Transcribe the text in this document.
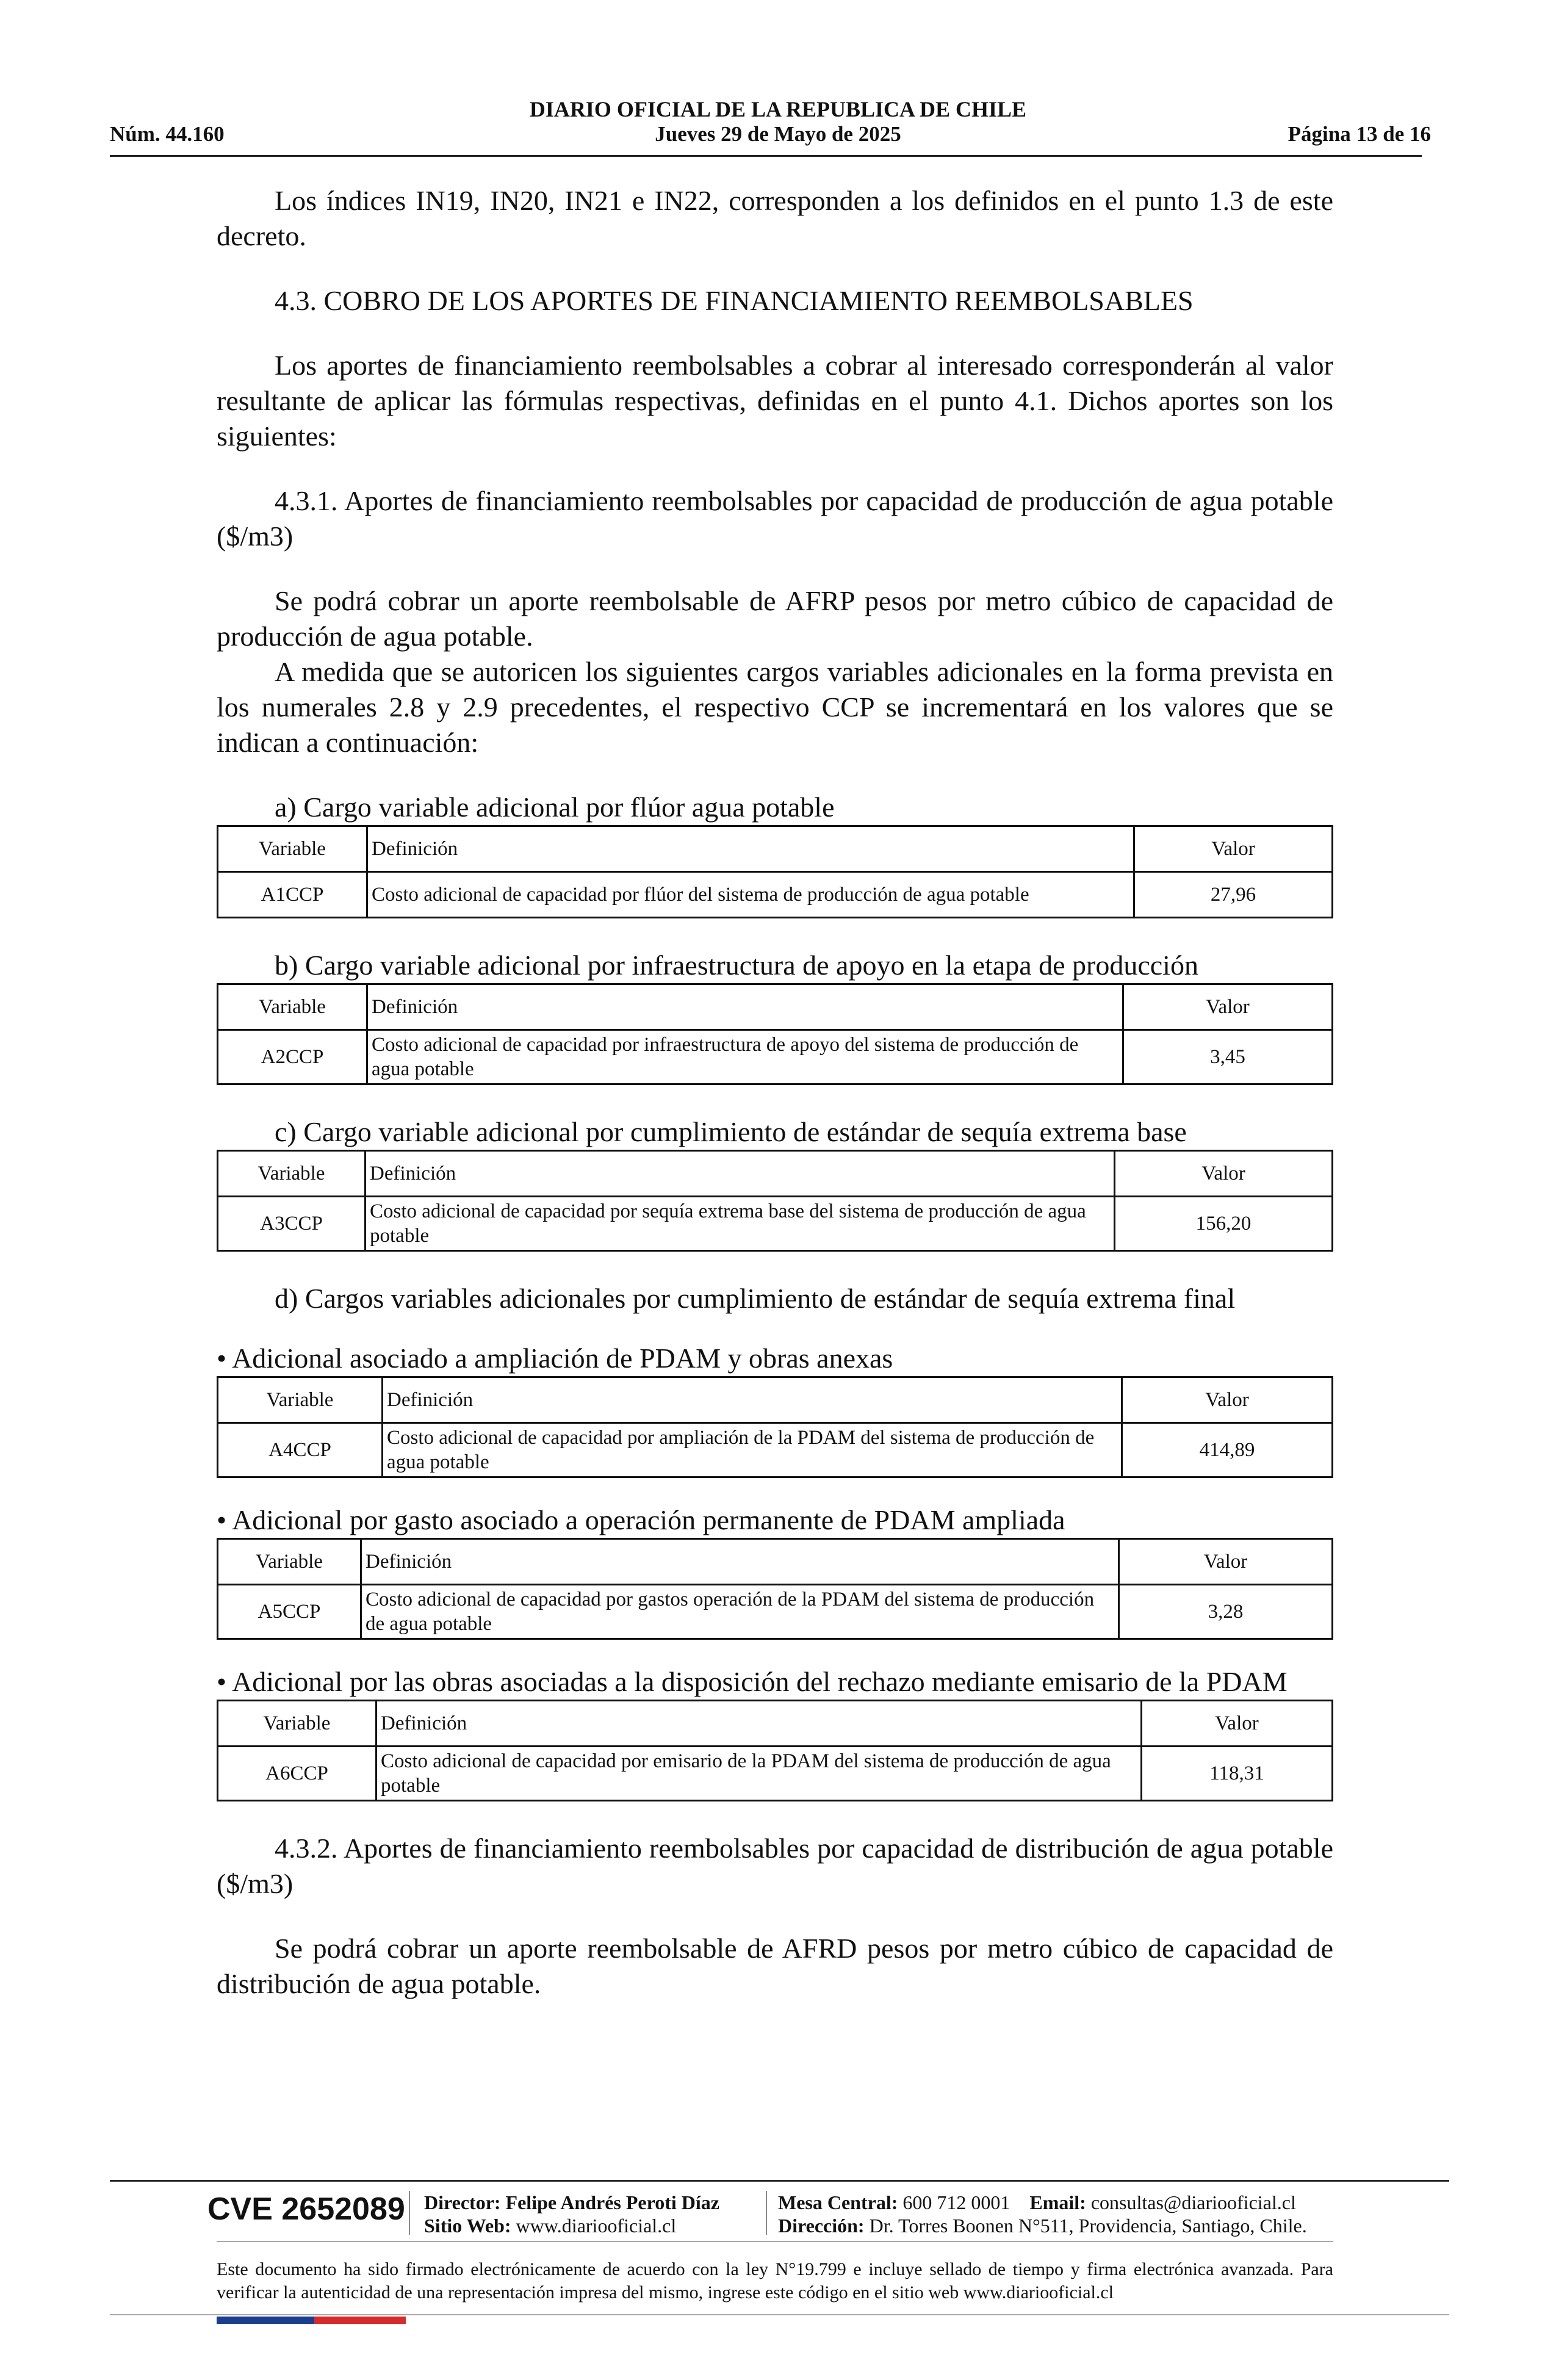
DIARIO OFICIAL DE LA REPUBLICA DE CHILE
Núm. 44.160	Jueves 29 de Mayo de 2025	Página 13 de 16

Los índices IN19, IN20, IN21 e IN22, corresponden a los definidos en el punto 1.3 de este decreto.

4.3. COBRO DE LOS APORTES DE FINANCIAMIENTO REEMBOLSABLES

Los aportes de financiamiento reembolsables a cobrar al interesado corresponderán al valor resultante de aplicar las fórmulas respectivas, definidas en el punto 4.1. Dichos aportes son los siguientes:

4.3.1. Aportes de financiamiento reembolsables por capacidad de producción de agua potable ($/m3)

Se podrá cobrar un aporte reembolsable de AFRP pesos por metro cúbico de capacidad de producción de agua potable.

A medida que se autoricen los siguientes cargos variables adicionales en la forma prevista en los numerales 2.8 y 2.9 precedentes, el respectivo CCP se incrementará en los valores que se indican a continuación:

a) Cargo variable adicional por flúor agua potable

Variable	Definición	Valor
A1CCP	Costo adicional de capacidad por flúor del sistema de producción de agua potable	27,96

b) Cargo variable adicional por infraestructura de apoyo en la etapa de producción

Variable	Definición	Valor
A2CCP	Costo adicional de capacidad por infraestructura de apoyo del sistema de producción de agua potable	3,45

c) Cargo variable adicional por cumplimiento de estándar de sequía extrema base

Variable	Definición	Valor
A3CCP	Costo adicional de capacidad por sequía extrema base del sistema de producción de agua potable	156,20

d) Cargos variables adicionales por cumplimiento de estándar de sequía extrema final

• Adicional asociado a ampliación de PDAM y obras anexas

Variable	Definición	Valor
A4CCP	Costo adicional de capacidad por ampliación de la PDAM del sistema de producción de agua potable	414,89

• Adicional por gasto asociado a operación permanente de PDAM ampliada

Variable	Definición	Valor
A5CCP	Costo adicional de capacidad por gastos operación de la PDAM del sistema de producción de agua potable	3,28

• Adicional por las obras asociadas a la disposición del rechazo mediante emisario de la PDAM

Variable	Definición	Valor
A6CCP	Costo adicional de capacidad por emisario de la PDAM del sistema de producción de agua potable	118,31

4.3.2. Aportes de financiamiento reembolsables por capacidad de distribución de agua potable ($/m3)

Se podrá cobrar un aporte reembolsable de AFRD pesos por metro cúbico de capacidad de distribución de agua potable.

CVE 2652089 Director: Felipe Andrés Peroti Díaz
Sitio Web: www.diariooficial.cl
Mesa Central: 600 712 0001 Email: consultas@diariooficial.cl
Dirección: Dr. Torres Boonen N°511, Providencia, Santiago, Chile.
Este documento ha sido firmado electrónicamente de acuerdo con la ley N°19.799 e incluye sellado de tiempo y firma electrónica avanzada. Para verificar la autenticidad de una representación impresa del mismo, ingrese este código en el sitio web www.diariooficial.cl
